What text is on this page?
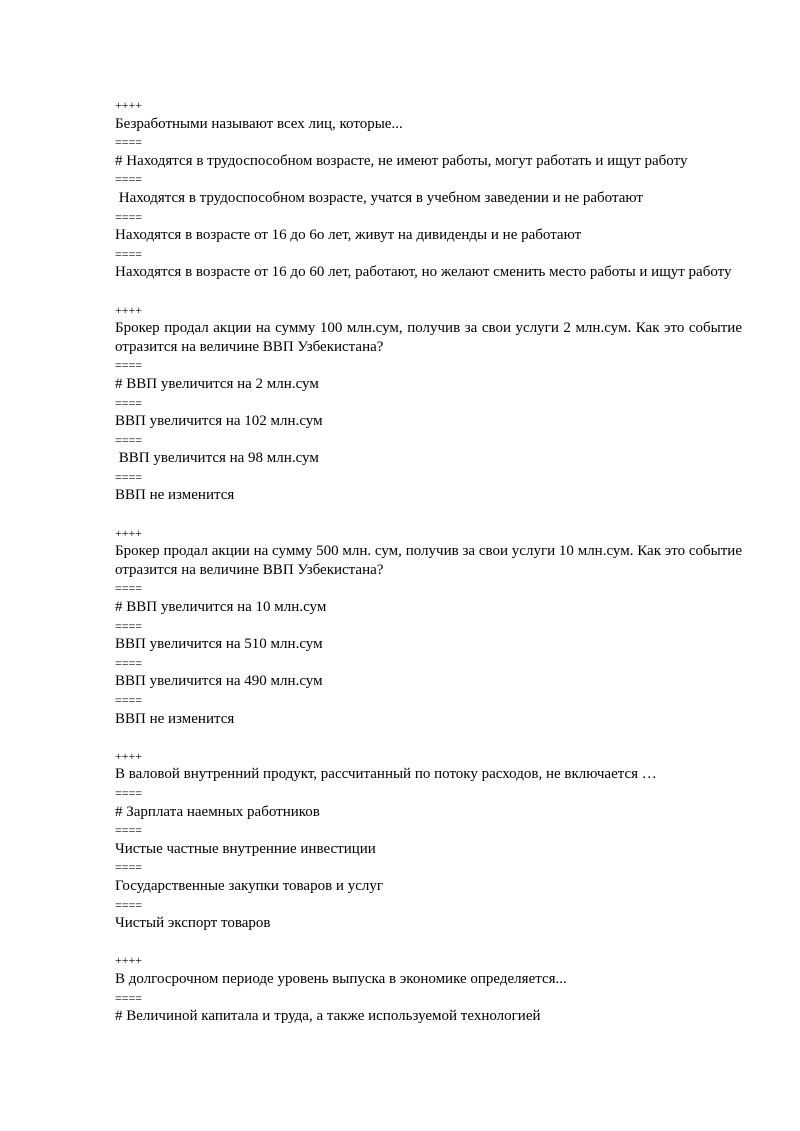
++++
Безработными называют всех лиц, которые...
====
# Находятся в трудоспособном возрасте, не имеют работы, могут работать и ищут работу
====
Находятся в трудоспособном возрасте, учатся в учебном заведении и не работают
====
Находятся в возрасте от 16 до 6о лет, живут на дивиденды и не работают
====
Находятся в возрасте от 16 до 60 лет, работают, но желают сменить место работы и ищут работу
++++
Брокер продал акции на сумму 100 млн.сум, получив за свои услуги 2 млн.сум. Как это событие отразится на величине ВВП Узбекистана?
====
# ВВП увеличится на 2 млн.сум
====
ВВП увеличится на 102 млн.сум
====
ВВП увеличится на 98 млн.сум
====
ВВП не изменится
++++
Брокер продал акции на сумму 500 млн. сум, получив за свои услуги 10 млн.сум. Как это событие отразится на величине ВВП Узбекистана?
====
# ВВП увеличится на 10 млн.сум
====
ВВП увеличится на 510 млн.сум
====
ВВП увеличится на 490 млн.сум
====
ВВП не изменится
++++
В валовой внутренний продукт, рассчитанный по потоку расходов, не включается …
====
# Зарплата наемных работников
====
Чистые частные внутренние инвестиции
====
Государственные закупки товаров и услуг
====
Чистый экспорт товаров
++++
В долгосрочном периоде уровень выпуска в экономике определяется...
====
# Величиной капитала и труда, а также используемой технологией
